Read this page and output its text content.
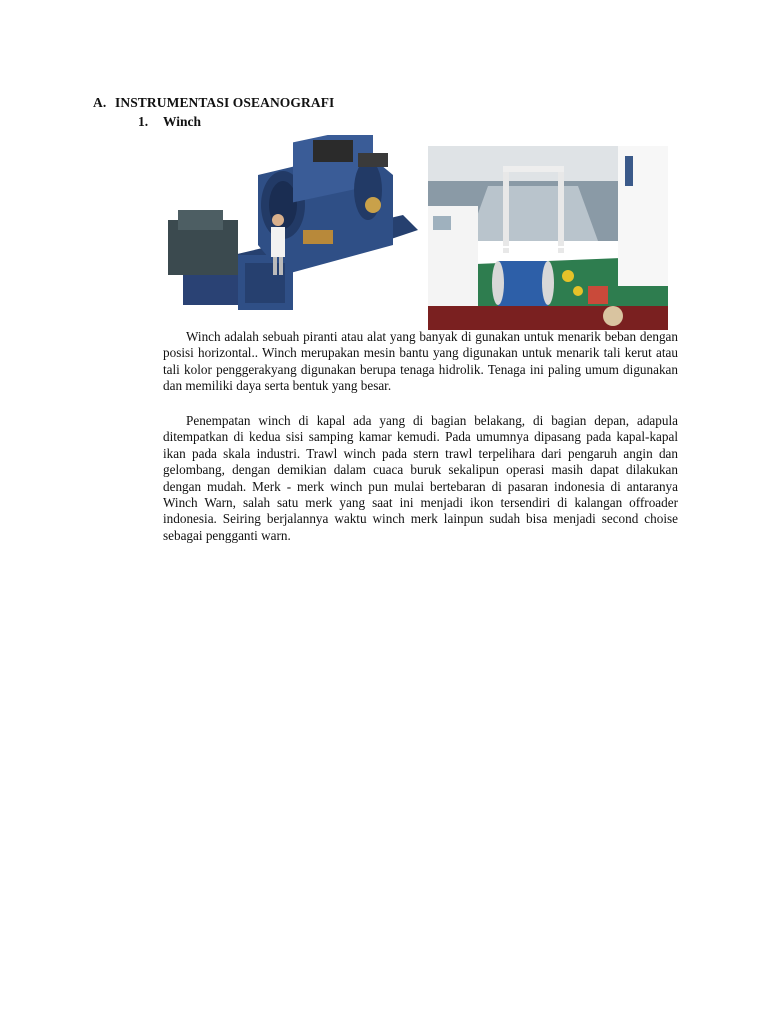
A. INSTRUMENTASI OSEANOGRAFI
1. Winch

Winch adalah sebuah piranti atau alat yang banyak di gunakan untuk menarik beban dengan posisi horizontal.. Winch merupakan mesin bantu yang digunakan untuk menarik tali kerut atau tali kolor penggerakyang digunakan berupa tenaga hidrolik. Tenaga ini paling umum digunakan dan memiliki daya serta bentuk yang besar.

Penempatan winch di kapal ada yang di bagian belakang, di bagian depan, adapula ditempatkan di kedua sisi samping kamar kemudi. Pada umumnya dipasang pada kapal-kapal ikan pada skala industri. Trawl winch pada stern trawl terpelihara dari pengaruh angin dan gelombang, dengan demikian dalam cuaca buruk sekalipun operasi masih dapat dilakukan dengan mudah. Merk - merk winch pun mulai bertebaran di pasaran indonesia di antaranya Winch Warn, salah satu merk yang saat ini menjadi ikon tersendiri di kalangan offroader indonesia. Seiring berjalannya waktu winch merk lainpun sudah bisa menjadi second choise sebagai pengganti warn.
